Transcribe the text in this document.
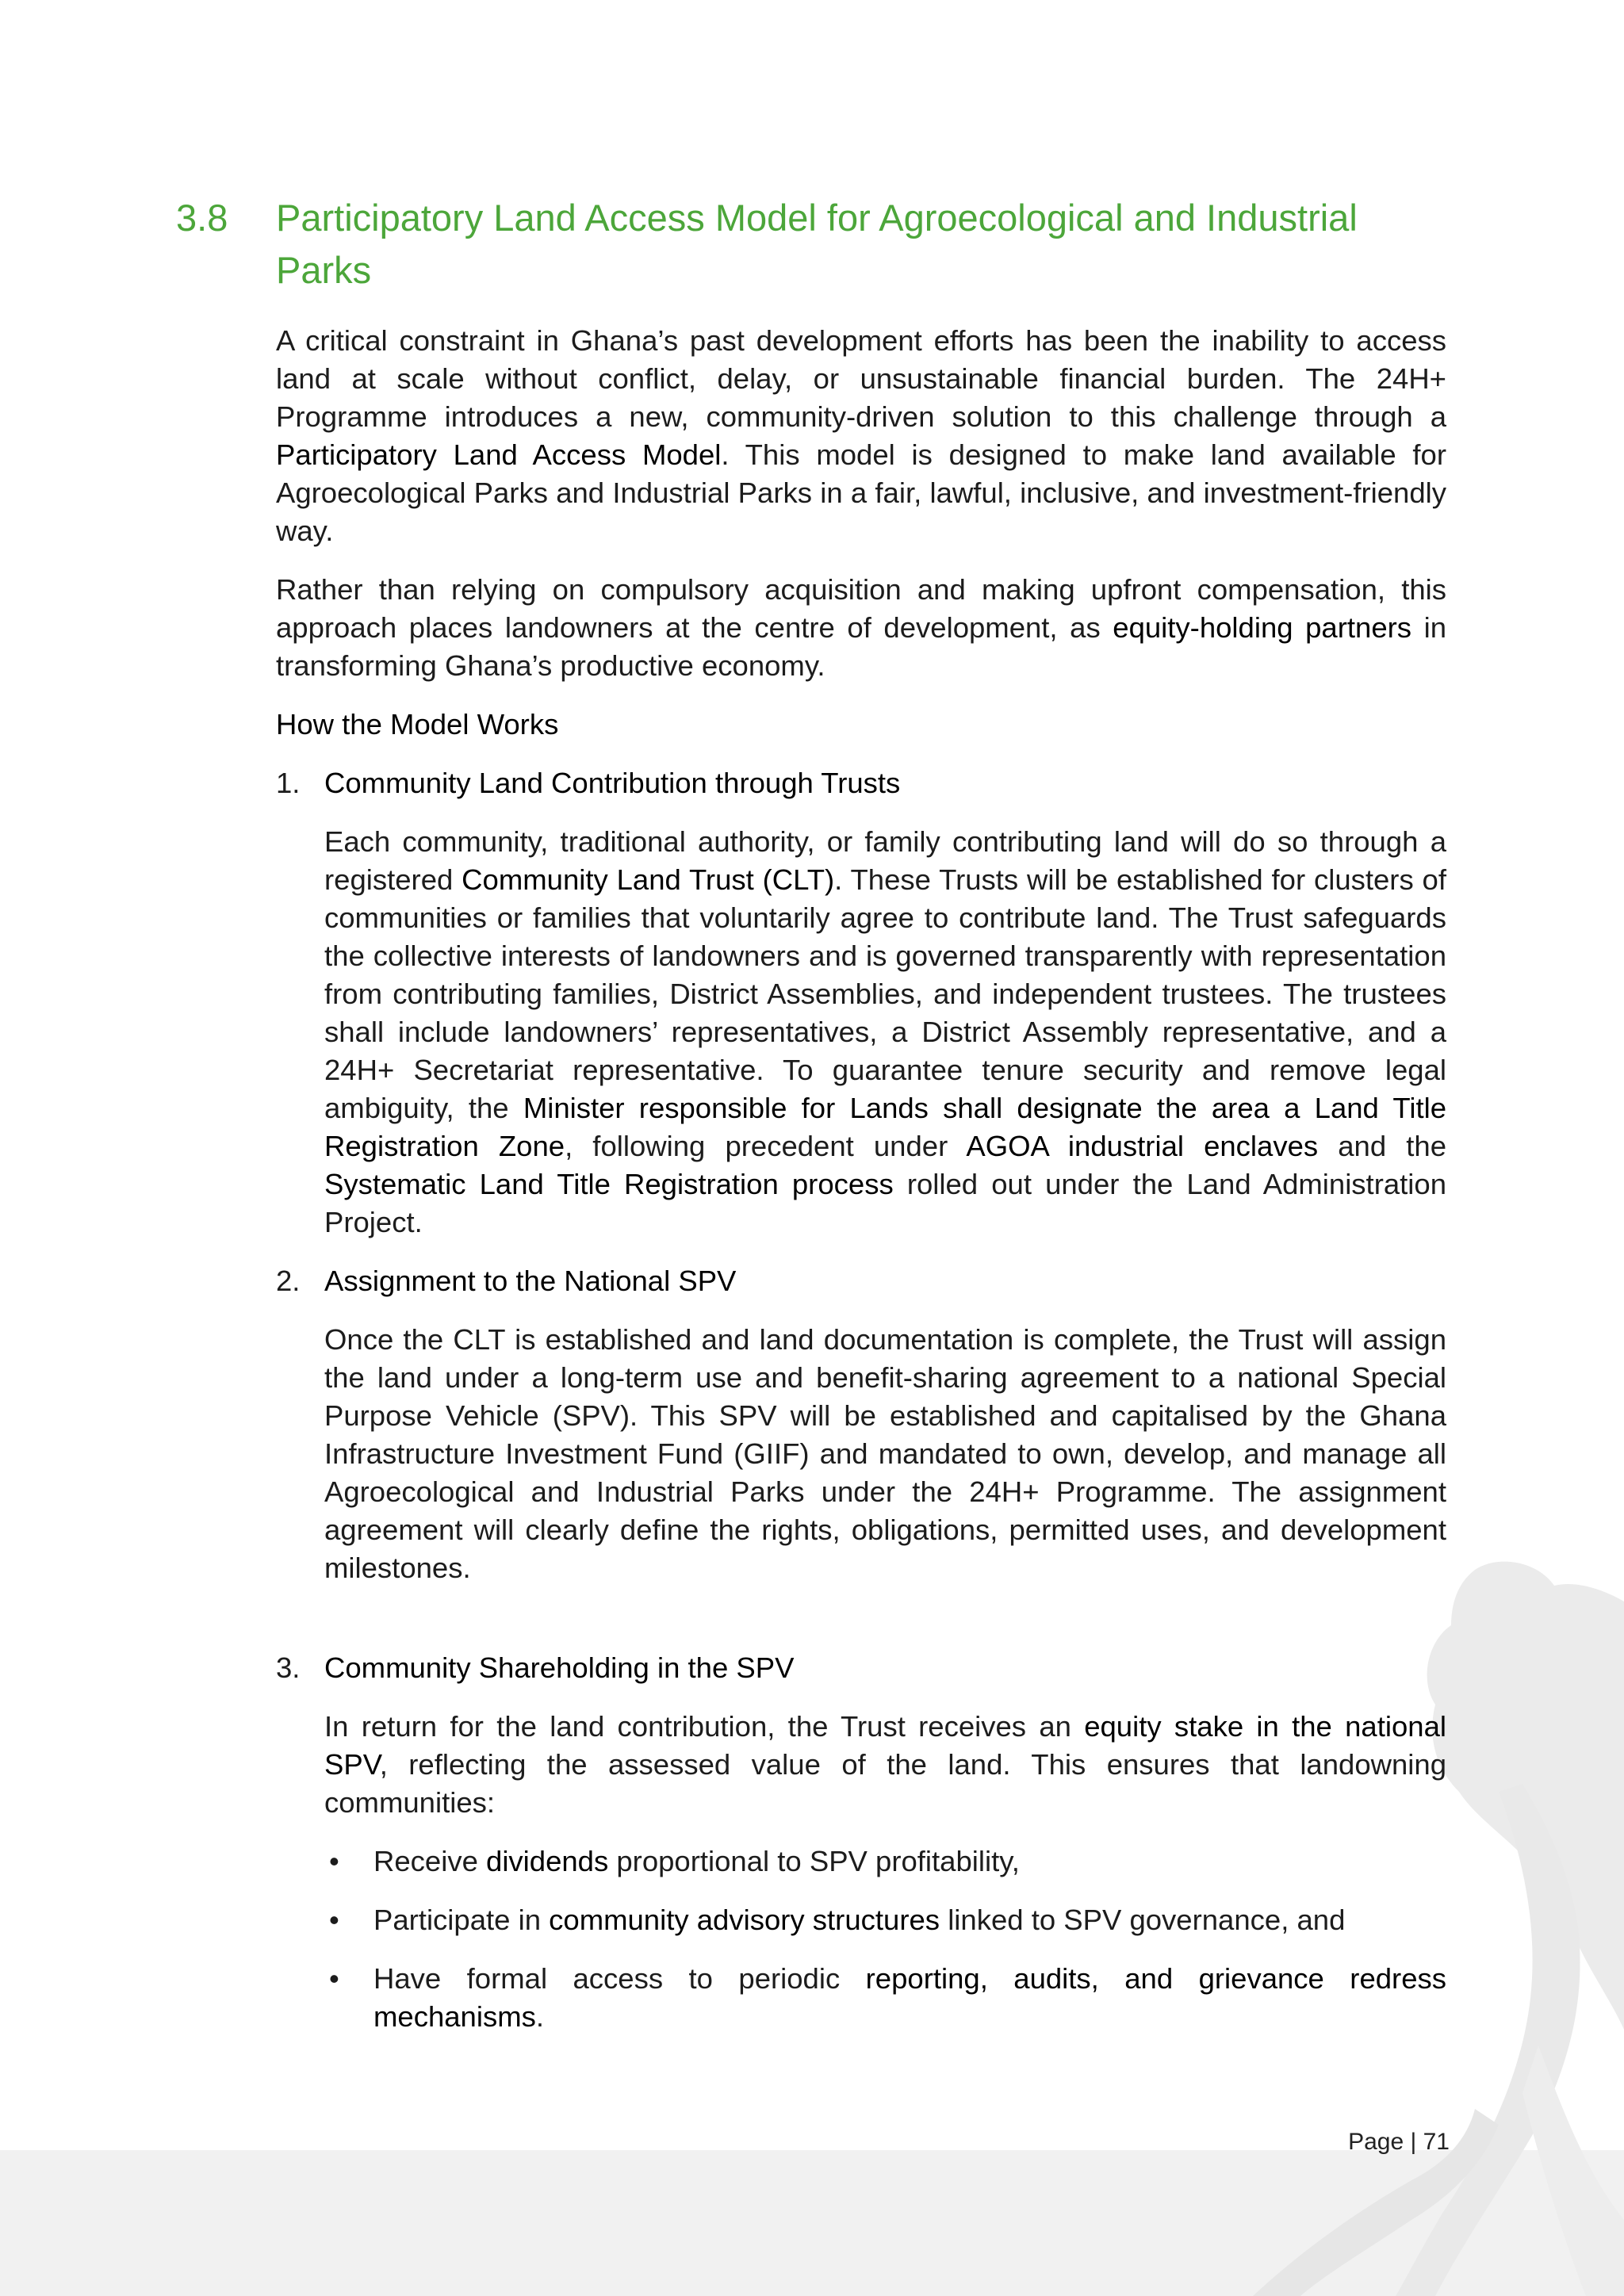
3.8 Participatory Land Access Model for Agroecological and Industrial Parks

A critical constraint in Ghana’s past development efforts has been the inability to access land at scale without conflict, delay, or unsustainable financial burden. The 24H+ Programme introduces a new, community-driven solution to this challenge through a Participatory Land Access Model. This model is designed to make land available for Agroecological Parks and Industrial Parks in a fair, lawful, inclusive, and investment-friendly way.

Rather than relying on compulsory acquisition and making upfront compensation, this approach places landowners at the centre of development, as equity-holding partners in transforming Ghana’s productive economy.

How the Model Works

1. Community Land Contribution through Trusts

Each community, traditional authority, or family contributing land will do so through a registered Community Land Trust (CLT). These Trusts will be established for clusters of communities or families that voluntarily agree to contribute land. The Trust safeguards the collective interests of landowners and is governed transparently with representation from contributing families, District Assemblies, and independent trustees. The trustees shall include landowners’ representatives, a District Assembly representative, and a 24H+ Secretariat representative. To guarantee tenure security and remove legal ambiguity, the Minister responsible for Lands shall designate the area a Land Title Registration Zone, following precedent under AGOA industrial enclaves and the Systematic Land Title Registration process rolled out under the Land Administration Project.

2. Assignment to the National SPV

Once the CLT is established and land documentation is complete, the Trust will assign the land under a long-term use and benefit-sharing agreement to a national Special Purpose Vehicle (SPV). This SPV will be established and capitalised by the Ghana Infrastructure Investment Fund (GIIF) and mandated to own, develop, and manage all Agroecological and Industrial Parks under the 24H+ Programme. The assignment agreement will clearly define the rights, obligations, permitted uses, and development milestones.

3. Community Shareholding in the SPV

In return for the land contribution, the Trust receives an equity stake in the national SPV, reflecting the assessed value of the land. This ensures that landowning communities:

• Receive dividends proportional to SPV profitability,
• Participate in community advisory structures linked to SPV governance, and
• Have formal access to periodic reporting, audits, and grievance redress mechanisms.
Page | 71
